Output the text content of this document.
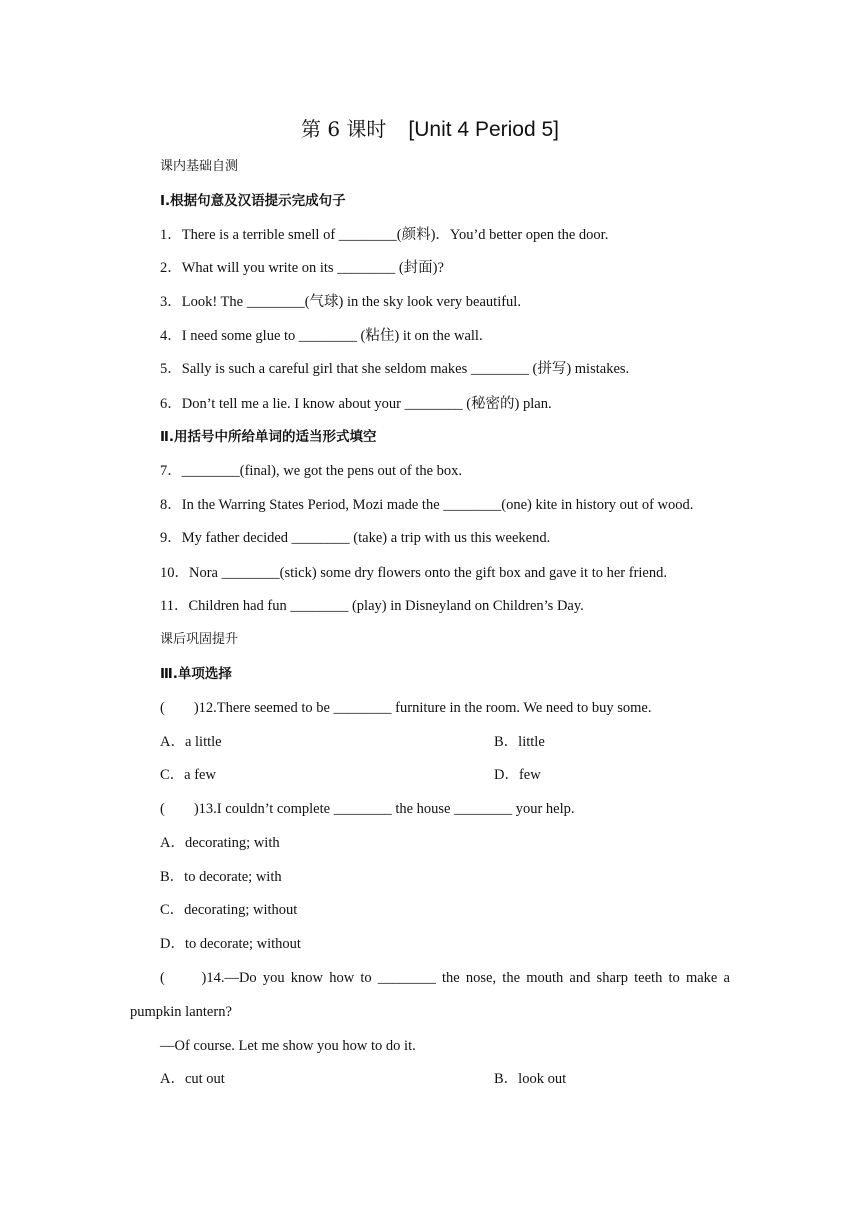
第 6 课时 [Unit 4 Period 5]
课内基础自测
Ⅰ.根据句意及汉语提示完成句子
1．There is a terrible smell of ________(颜料)．You’d better open the door.
2．What will you write on its ________ (封面)?
3．Look! The ________(气球) in the sky look very beautiful.
4．I need some glue to ________ (粘住) it on the wall.
5．Sally is such a careful girl that she seldom makes ________ (拼写) mistakes.
6．Don’t tell me a lie. I know about your ________ (秘密的) plan.
Ⅱ.用括号中所给单词的适当形式填空
7．________(final), we got the pens out of the box.
8．In the Warring States Period, Mozi made the ________(one) kite in history out of wood.
9．My father decided ________ (take) a trip with us this weekend.
10．Nora ________(stick) some dry flowers onto the gift box and gave it to her friend.
11．Children had fun ________ (play) in Disneyland on Children’s Day.
课后巩固提升
Ⅲ.单项选择
(　　)12.There seemed to be ________ furniture in the room. We need to buy some.
A．a little	B．little
C．a few	D．few
(　　)13.I couldn’t complete ________ the house ________ your help.
A．decorating; with
B．to decorate; with
C．decorating; without
D．to decorate; without
(　　)14.—Do you know how to ________ the nose, the mouth and sharp teeth to make a
pumpkin lantern?
—Of course. Let me show you how to do it.
A．cut out	B．look out
